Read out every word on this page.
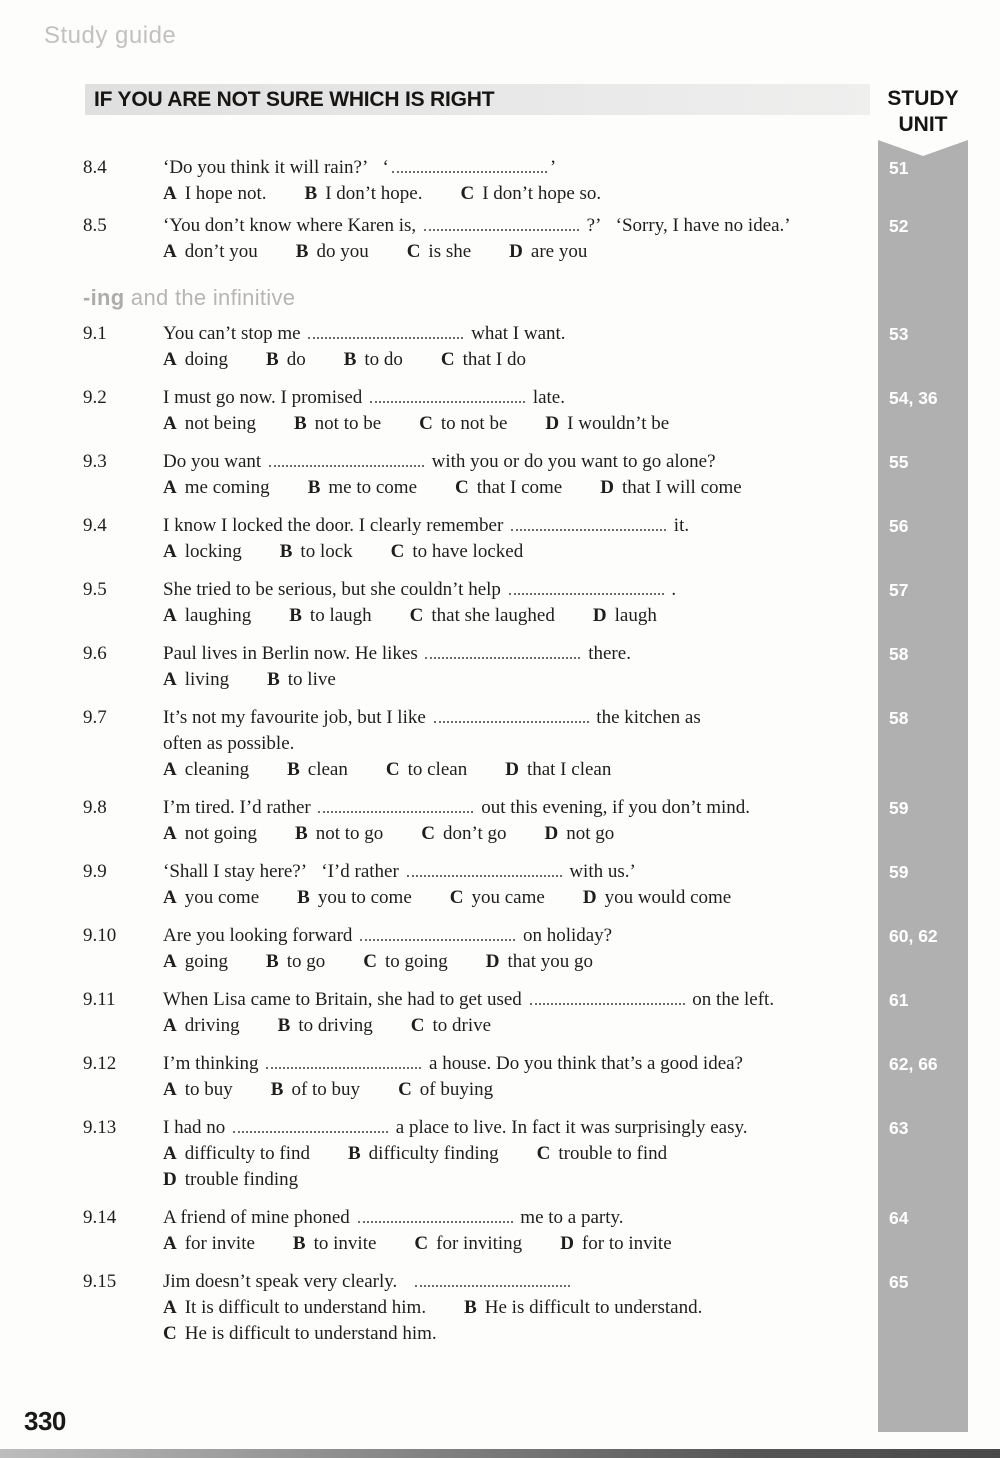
Study guide
IF YOU ARE NOT SURE WHICH IS RIGHT	STUDY
UNIT
8.4	‘Do you think it will rain?’  ‘	’
A I hope not. B I don’t hope. C I don’t hope so.
51
8.5	‘You don’t know where Karen is,	?’  ‘Sorry, I have no idea.’
A don’t you B do you C is she D are you
52
-ing and the infinitive
9.1	You can’t stop me	what I want.
A doing B do B to do C that I do
53
9.2	I must go now. I promised	late.
A not being B not to be C to not be D I wouldn’t be
54, 36
9.3	Do you want	with you or do you want to go alone?
A me coming B me to come C that I come D that I will come
55
9.4	I know I locked the door. I clearly remember	it.
A locking B to lock C to have locked
56
9.5	She tried to be serious, but she couldn’t help	.
A laughing B to laugh C that she laughed D laugh
57
9.6	Paul lives in Berlin now. He likes	there.
A living B to live
58
9.7	It’s not my favourite job, but I like	the kitchen as
often as possible.
A cleaning B clean C to clean D that I clean
58
9.8	I’m tired. I’d rather	out this evening, if you don’t mind.
A not going B not to go C don’t go D not go
59
9.9	‘Shall I stay here?’  ‘I’d rather	with us.’
A you come B you to come C you came D you would come
59
9.10	Are you looking forward	on holiday?
A going B to go C to going D that you go
60, 62
9.11	When Lisa came to Britain, she had to get used	on the left.
A driving B to driving C to drive
61
9.12	I’m thinking	a house. Do you think that’s a good idea?
A to buy B of to buy C of buying
62, 66
9.13	I had no	a place to live. In fact it was surprisingly easy.
A difficulty to find B difficulty finding C trouble to find
D trouble finding
63
9.14	A friend of mine phoned	me to a party.
A for invite B to invite C for inviting D for to invite
64
9.15	Jim doesn’t speak very clearly. 
A It is difficult to understand him. B He is difficult to understand.
C He is difficult to understand him.
65
330
